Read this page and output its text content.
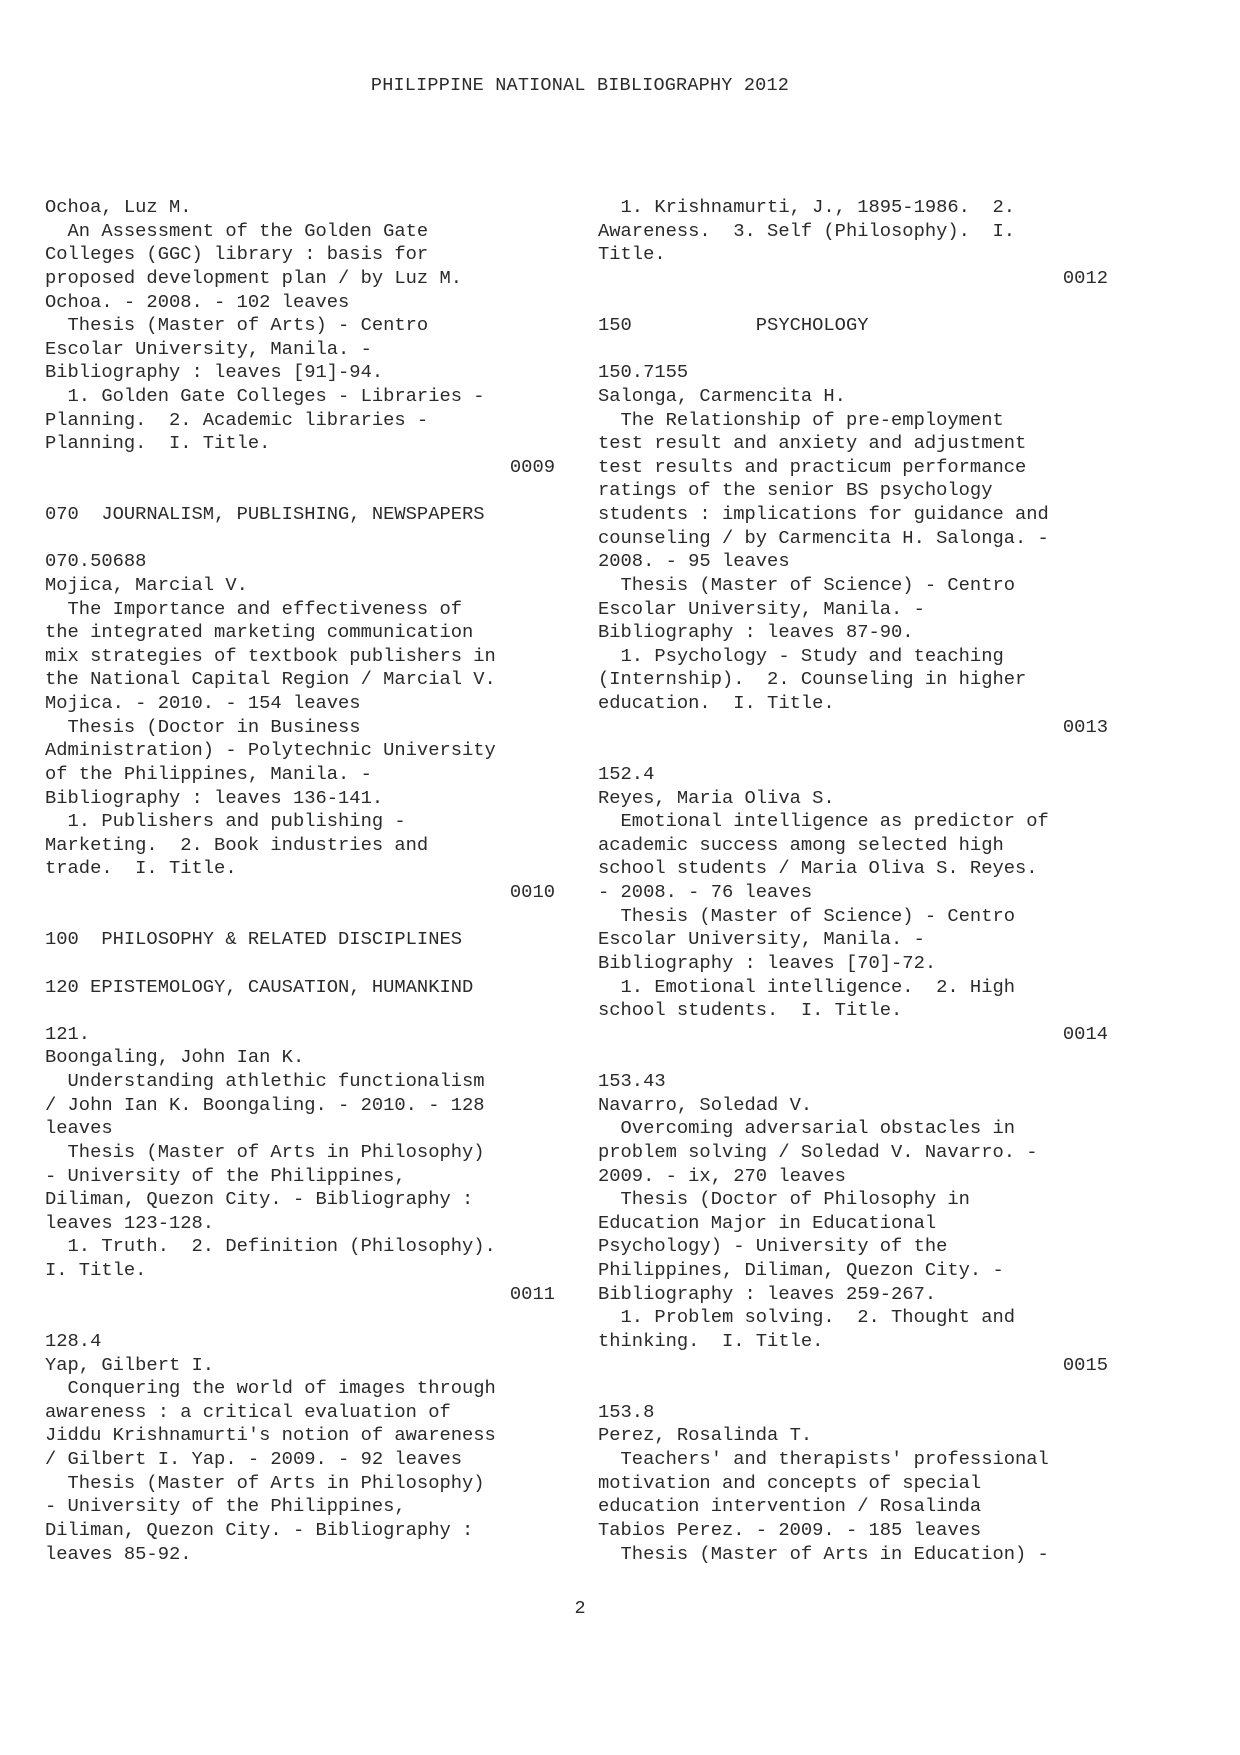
PHILIPPINE NATIONAL BIBLIOGRAPHY 2012
Ochoa, Luz M.
An Assessment of the Golden Gate
Colleges (GGC) library : basis for
proposed development plan / by Luz M.
Ochoa. - 2008. - 102 leaves
Thesis (Master of Arts) - Centro
Escolar University, Manila. -
Bibliography : leaves [91]-94.
1. Golden Gate Colleges - Libraries -
Planning.  2. Academic libraries -
Planning.  I. Title.
0009
070  JOURNALISM, PUBLISHING, NEWSPAPERS
070.50688
Mojica, Marcial V.
The Importance and effectiveness of
the integrated marketing communication
mix strategies of textbook publishers in
the National Capital Region / Marcial V.
Mojica. - 2010. - 154 leaves
Thesis (Doctor in Business
Administration) - Polytechnic University
of the Philippines, Manila. -
Bibliography : leaves 136-141.
1. Publishers and publishing -
Marketing.  2. Book industries and
trade.  I. Title.
0010
100  PHILOSOPHY & RELATED DISCIPLINES
120 EPISTEMOLOGY, CAUSATION, HUMANKIND
121.
Boongaling, John Ian K.
Understanding athlethic functionalism
/ John Ian K. Boongaling. - 2010. - 128
leaves
Thesis (Master of Arts in Philosophy)
- University of the Philippines,
Diliman, Quezon City. - Bibliography :
leaves 123-128.
1. Truth.  2. Definition (Philosophy).
I. Title.
0011
128.4
Yap, Gilbert I.
Conquering the world of images through
awareness : a critical evaluation of
Jiddu Krishnamurti's notion of awareness
/ Gilbert I. Yap. - 2009. - 92 leaves
Thesis (Master of Arts in Philosophy)
- University of the Philippines,
Diliman, Quezon City. - Bibliography :
leaves 85-92.
1. Krishnamurti, J., 1895-1986.  2.
Awareness.  3. Self (Philosophy).  I.
Title.
0012
150           PSYCHOLOGY
150.7155
Salonga, Carmencita H.
The Relationship of pre-employment
test result and anxiety and adjustment
test results and practicum performance
ratings of the senior BS psychology
students : implications for guidance and
counseling / by Carmencita H. Salonga. -
2008. - 95 leaves
Thesis (Master of Science) - Centro
Escolar University, Manila. -
Bibliography : leaves 87-90.
1. Psychology - Study and teaching
(Internship).  2. Counseling in higher
education.  I. Title.
0013
152.4
Reyes, Maria Oliva S.
Emotional intelligence as predictor of
academic success among selected high
school students / Maria Oliva S. Reyes.
- 2008. - 76 leaves
Thesis (Master of Science) - Centro
Escolar University, Manila. -
Bibliography : leaves [70]-72.
1. Emotional intelligence.  2. High
school students.  I. Title.
0014
153.43
Navarro, Soledad V.
Overcoming adversarial obstacles in
problem solving / Soledad V. Navarro. -
2009. - ix, 270 leaves
Thesis (Doctor of Philosophy in
Education Major in Educational
Psychology) - University of the
Philippines, Diliman, Quezon City. -
Bibliography : leaves 259-267.
1. Problem solving.  2. Thought and
thinking.  I. Title.
0015
153.8
Perez, Rosalinda T.
Teachers' and therapists' professional
motivation and concepts of special
education intervention / Rosalinda
Tabios Perez. - 2009. - 185 leaves
Thesis (Master of Arts in Education) -
2
